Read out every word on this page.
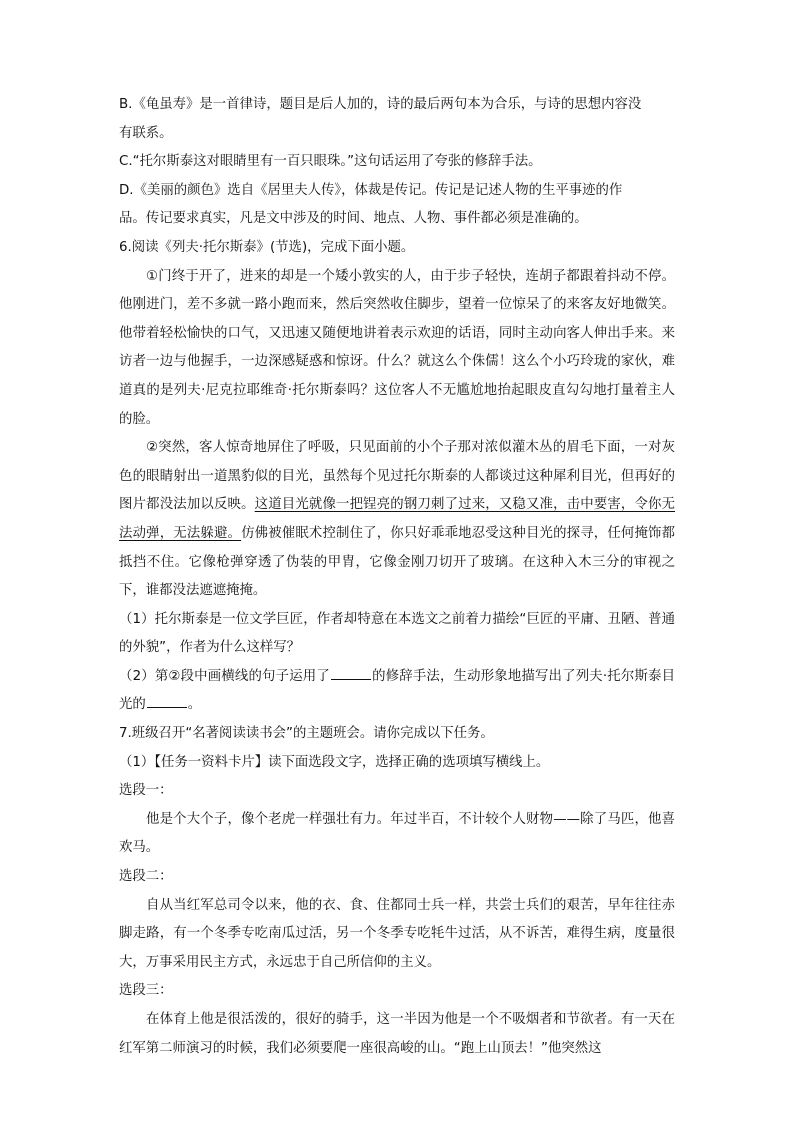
B.《龟虽寿》是一首律诗，题目是后人加的，诗的最后两句本为合乐，与诗的思想内容没

有联系。

C.“托尔斯泰这对眼睛里有一百只眼珠。”这句话运用了夸张的修辞手法。

D.《美丽的颜色》选自《居里夫人传》，体裁是传记。传记是记述人物的生平事迹的作

品。传记要求真实，凡是文中涉及的时间、地点、人物、事件都必须是准确的。

6.阅读《列夫·托尔斯泰》(节选)，完成下面小题。

①门终于开了，进来的却是一个矮小敦实的人，由于步子轻快，连胡子都跟着抖动不停。他刚进门，差不多就一路小跑而来，然后突然收住脚步，望着一位惊呆了的来客友好地微笑。他带着轻松愉快的口气，又迅速又随便地讲着表示欢迎的话语，同时主动向客人伸出手来。来访者一边与他握手，一边深感疑惑和惊讶。什么？就这么个侏儒！这么个小巧玲珑的家伙，难道真的是列夫·尼克拉耶维奇·托尔斯泰吗？这位客人不无尴尬地抬起眼皮直勾勾地打量着主人的脸。

②突然，客人惊奇地屏住了呼吸，只见面前的小个子那对浓似灌木丛的眉毛下面，一对灰色的眼睛射出一道黑豹似的目光，虽然每个见过托尔斯泰的人都谈过这种犀利目光，但再好的图片都没法加以反映。这道目光就像一把锃亮的钢刀刺了过来，又稳又准，击中要害，令你无法动弹，无法躲避。仿佛被催眠术控制住了，你只好乖乖地忍受这种目光的探寻，任何掩饰都抵挡不住。它像枪弹穿透了伪装的甲胄，它像金刚刀切开了玻璃。在这种入木三分的审视之下，谁都没法遮遮掩掩。

（1）托尔斯泰是一位文学巨匠，作者却特意在本选文之前着力描绘“巨匠的平庸、丑陋、普通的外貌”，作者为什么这样写？

（2）第②段中画横线的句子运用了	的修辞手法，生动形象地描写出了列夫·托尔斯泰目光的	。

7.班级召开“名著阅读读书会”的主题班会。请你完成以下任务。

（1）【任务一资料卡片】读下面选段文字，选择正确的选项填写横线上。

选段一：

他是个大个子，像个老虎一样强壮有力。年过半百，不计较个人财物——除了马匹，他喜欢马。

选段二：

自从当红军总司令以来，他的衣、食、住都同士兵一样，共尝士兵们的艰苦，早年往往赤脚走路，有一个冬季专吃南瓜过活，另一个冬季专吃牦牛过活，从不诉苦，难得生病，度量很大，万事采用民主方式，永远忠于自己所信仰的主义。

选段三：

在体育上他是很活泼的，很好的骑手，这一半因为他是一个不吸烟者和节欲者。有一天在红军第二师演习的时候，我们必须要爬一座很高峻的山。“跑上山顶去！”他突然这
